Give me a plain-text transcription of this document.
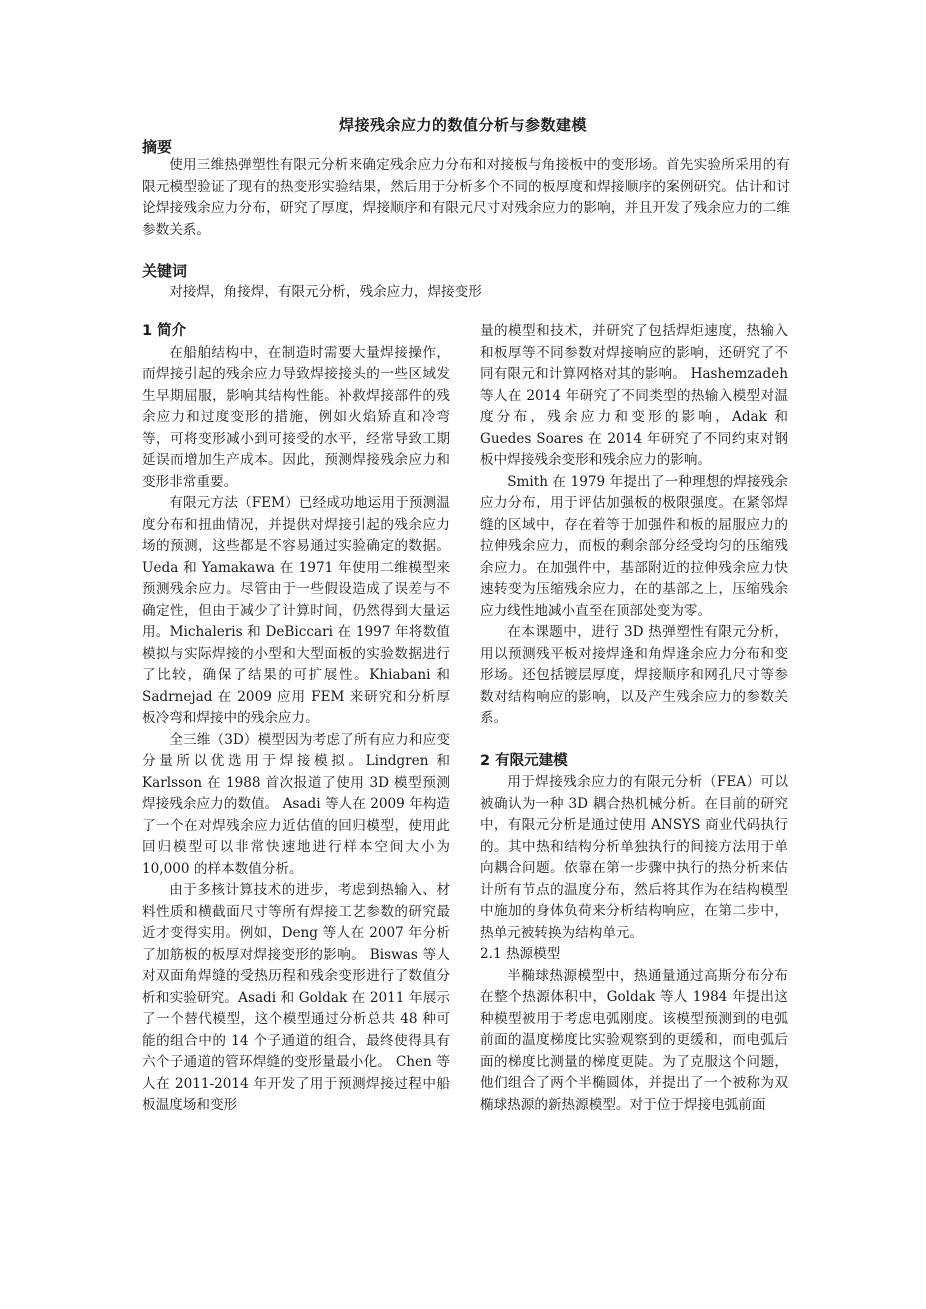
焊接残余应力的数值分析与参数建模
摘要

使用三维热弹塑性有限元分析来确定残余应力分布和对接板与角接板中的变形场。首先实验所采用的有限元模型验证了现有的热变形实验结果，然后用于分析多个不同的板厚度和焊接顺序的案例研究。估计和讨论焊接残余应力分布，研究了厚度，焊接顺序和有限元尺寸对残余应力的影响，并且开发了残余应力的二维参数关系。

关键词

对接焊，角接焊，有限元分析，残余应力，焊接变形

1 简介

在船舶结构中，在制造时需要大量焊接操作，而焊接引起的残余应力导致焊接接头的一些区域发生早期屈服，影响其结构性能。补救焊接部件的残余应力和过度变形的措施，例如火焰矫直和冷弯等，可将变形减小到可接受的水平，经常导致工期延误而增加生产成本。因此，预测焊接残余应力和变形非常重要。

有限元方法（FEM）已经成功地运用于预测温度分布和扭曲情况，并提供对焊接引起的残余应力场的预测，这些都是不容易通过实验确定的数据。 Ueda 和 Yamakawa 在 1971 年使用二维模型来预测残余应力。尽管由于一些假设造成了误差与不确定性，但由于减少了计算时间，仍然得到大量运用。Michaleris 和 DeBiccari 在 1997 年将数值模拟与实际焊接的小型和大型面板的实验数据进行了比较，确保了结果的可扩展性。Khiabani 和 Sadrnejad 在 2009 应用 FEM 来研究和分析厚板冷弯和焊接中的残余应力。

全三维（3D）模型因为考虑了所有应力和应变分量所以优选用于焊接模拟。Lindgren 和 Karlsson 在 1988 首次报道了使用 3D 模型预测焊接残余应力的数值。 Asadi 等人在 2009 年构造了一个在对焊残余应力近估值的回归模型，使用此回归模型可以非常快速地进行样本空间大小为 10,000 的样本数值分析。

由于多核计算技术的进步，考虑到热输入、材料性质和横截面尺寸等所有焊接工艺参数的研究最近才变得实用。例如，Deng 等人在 2007 年分析了加筋板的板厚对焊接变形的影响。 Biswas 等人对双面角焊缝的受热历程和残余变形进行了数值分析和实验研究。Asadi 和 Goldak 在 2011 年展示了一个替代模型，这个模型通过分析总共 48 种可能的组合中的 14 个子通道的组合，最终使得具有六个子通道的管环焊缝的变形量最小化。 Chen 等人在 2011-2014 年开发了用于预测焊接过程中船板温度场和变形

量的模型和技术，并研究了包括焊炬速度，热输入和板厚等不同参数对焊接响应的影响，还研究了不同有限元和计算网格对其的影响。 Hashemzadeh 等人在 2014 年研究了不同类型的热输入模型对温度分布，残余应力和变形的影响，Adak 和 Guedes Soares 在 2014 年研究了不同约束对钢板中焊接残余变形和残余应力的影响。

Smith 在 1979 年提出了一种理想的焊接残余应力分布，用于评估加强板的极限强度。在紧邻焊缝的区域中，存在着等于加强件和板的屈服应力的拉伸残余应力，而板的剩余部分经受均匀的压缩残余应力。在加强件中，基部附近的拉伸残余应力快速转变为压缩残余应力，在的基部之上，压缩残余应力线性地减小直至在顶部处变为零。

在本课题中，进行 3D 热弹塑性有限元分析，用以预测残平板对接焊逢和角焊逢余应力分布和变形场。还包括镀层厚度，焊接顺序和网孔尺寸等参数对结构响应的影响，以及产生残余应力的参数关系。

2 有限元建模

用于焊接残余应力的有限元分析（FEA）可以被确认为一种 3D 耦合热机械分析。在目前的研究中，有限元分析是通过使用 ANSYS 商业代码执行的。其中热和结构分析单独执行的间接方法用于单向耦合问题。依靠在第一步骤中执行的热分析来估计所有节点的温度分布，然后将其作为在结构模型中施加的身体负荷来分析结构响应，在第二步中，热单元被转换为结构单元。

2.1 热源模型

半椭球热源模型中，热通量通过高斯分布分布在整个热源体积中，Goldak 等人 1984 年提出这种模型被用于考虑电弧刚度。该模型预测到的电弧前面的温度梯度比实验观察到的更缓和，而电弧后面的梯度比测量的梯度更陡。为了克服这个问题，他们组合了两个半椭圆体，并提出了一个被称为双椭球热源的新热源模型。对于位于焊接电弧前面
